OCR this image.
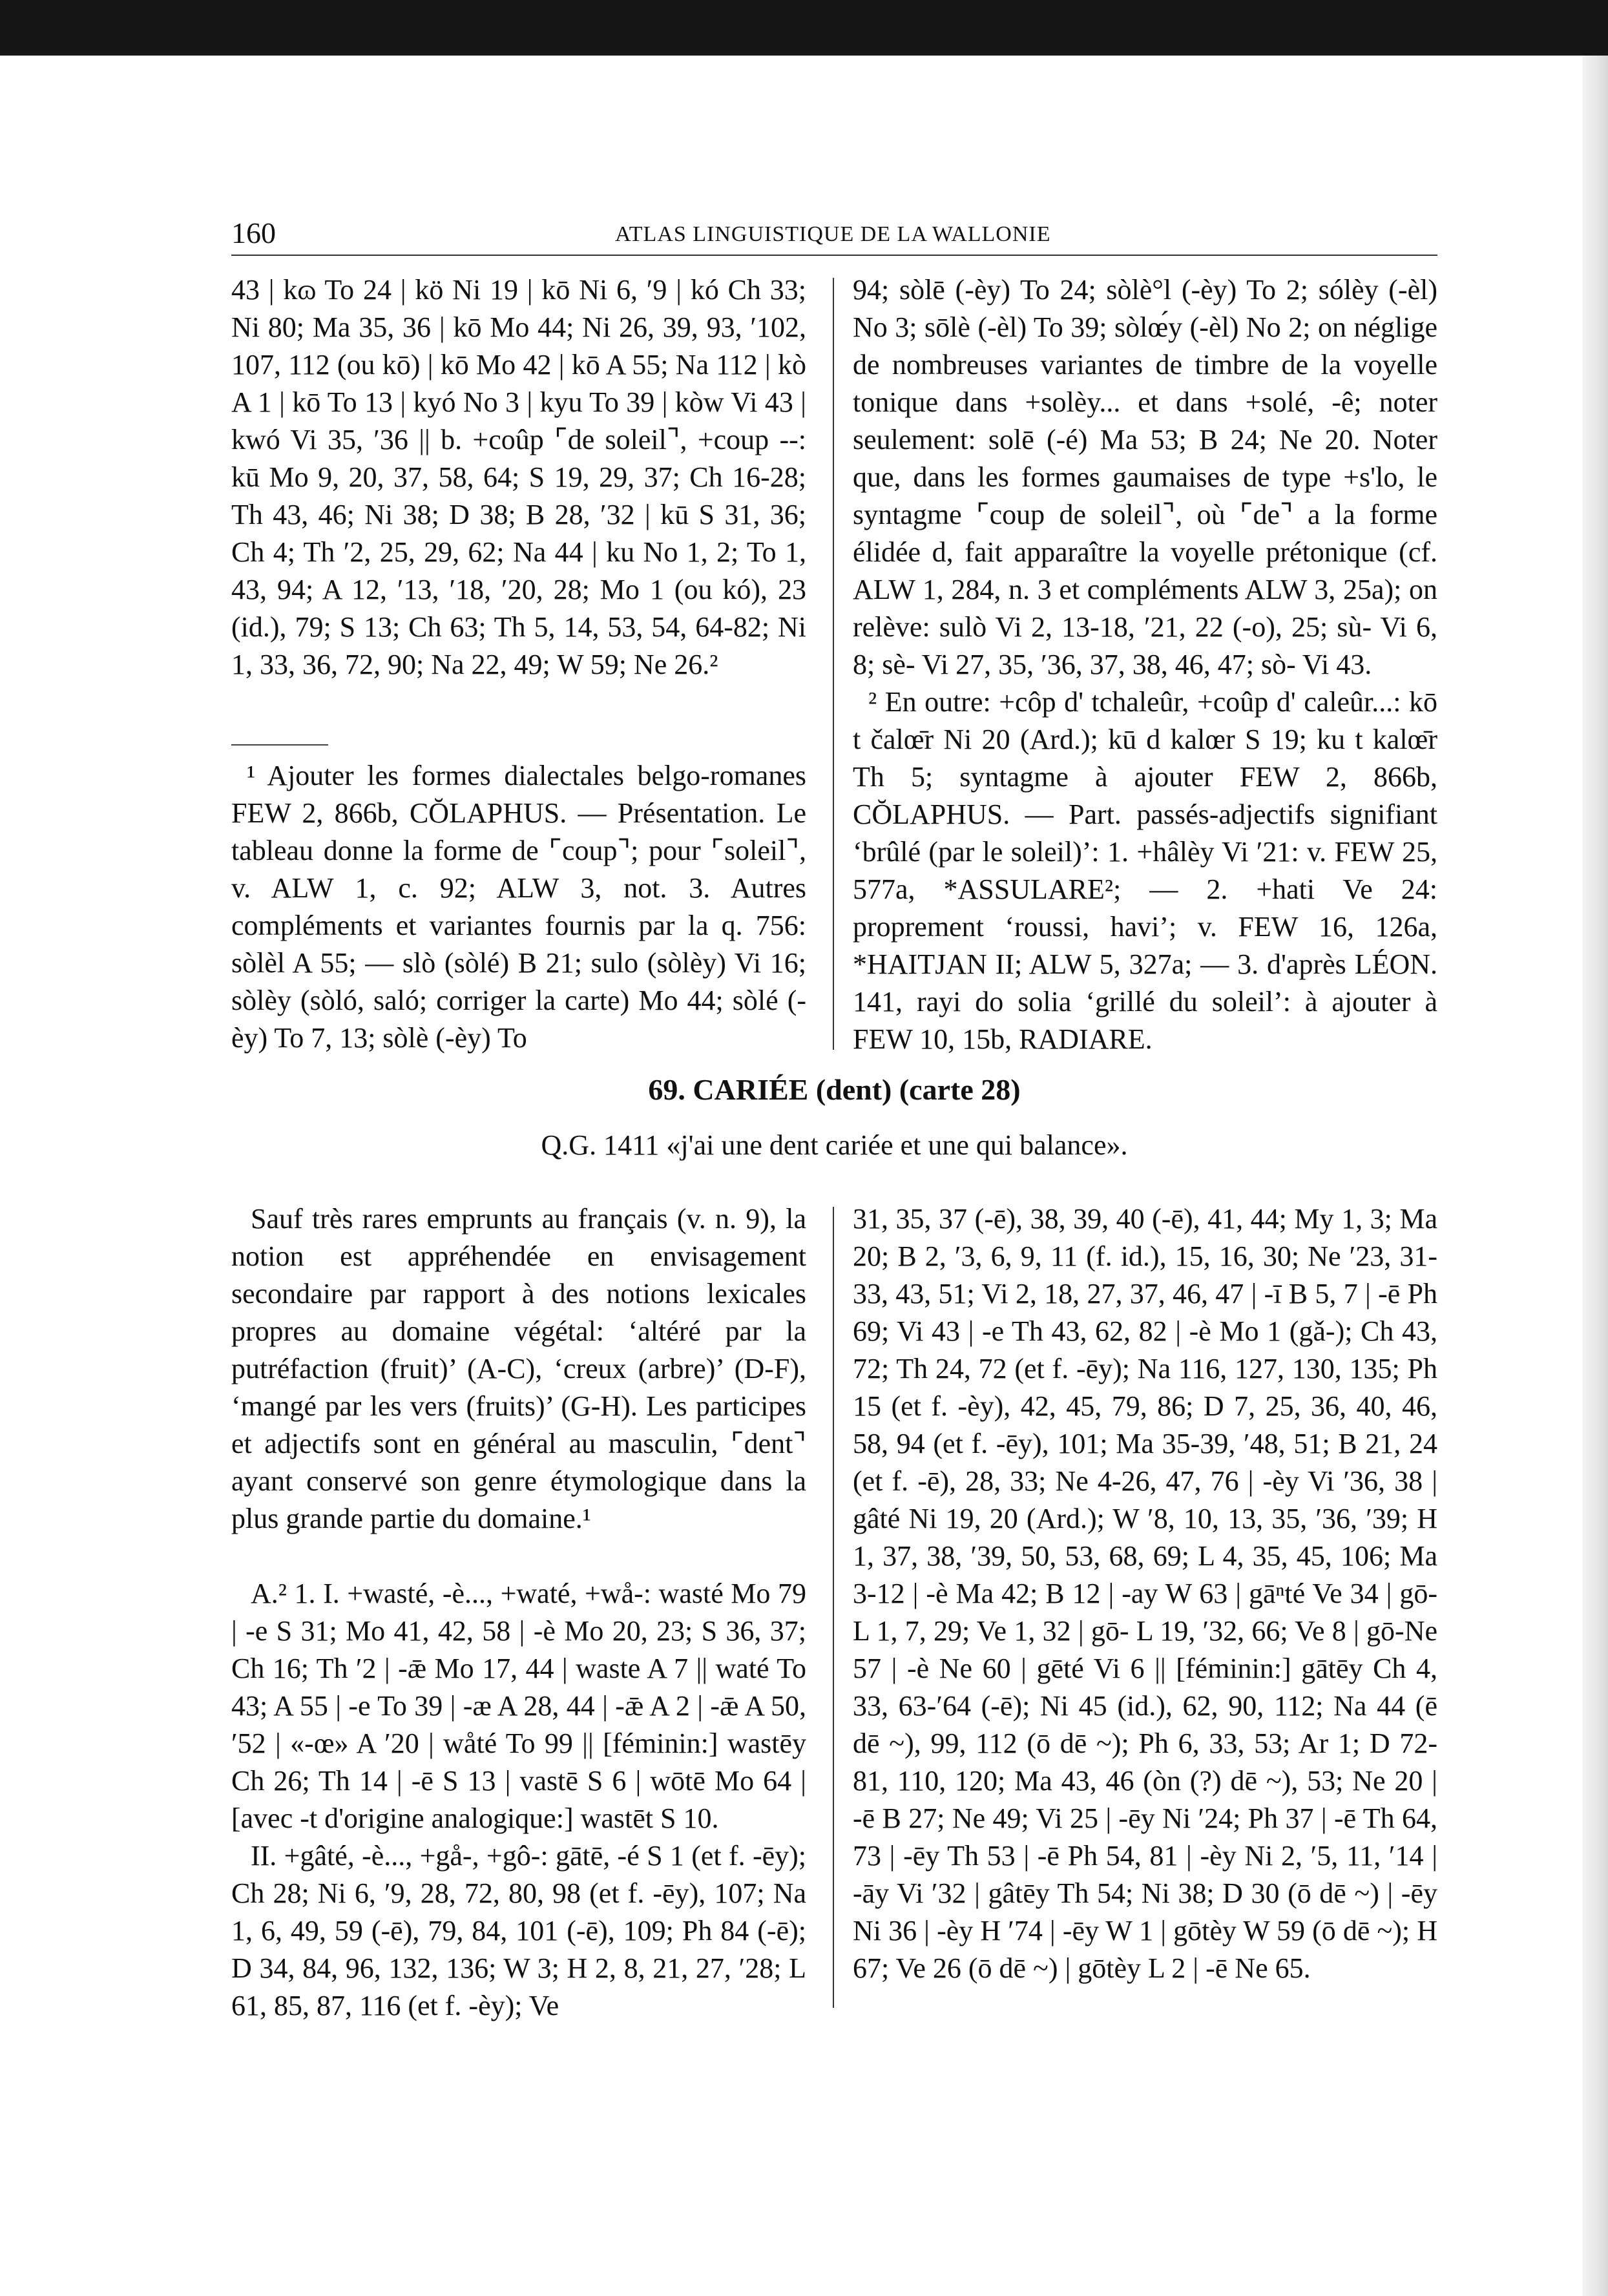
160	ATLAS LINGUISTIQUE DE LA WALLONIE

43 | kɷ To 24 | kö Ni 19 | kō Ni 6, ′9 | kó Ch 33; Ni 80; Ma 35, 36 | kō Mo 44; Ni 26, 39, 93, ′102, 107, 112 (ou kō) | kō Mo 42 | kō A 55; Na 112 | kò A 1 | kō To 13 | kyó No 3 | kyu To 39 | kòw Vi 43 | kwó Vi 35, ′36 || b. +coûp ⌜de soleil⌝, +coup --: kū Mo 9, 20, 37, 58, 64; S 19, 29, 37; Ch 16-28; Th 43, 46; Ni 38; D 38; B 28, ′32 | kū S 31, 36; Ch 4; Th ′2, 25, 29, 62; Na 44 | ku No 1, 2; To 1, 43, 94; A 12, ′13, ′18, ′20, 28; Mo 1 (ou kó), 23 (id.), 79; S 13; Ch 63; Th 5, 14, 53, 54, 64-82; Ni 1, 33, 36, 72, 90; Na 22, 49; W 59; Ne 26.²

¹ Ajouter les formes dialectales belgo-romanes FEW 2, 866b, CŎLAPHUS. — Présentation. Le tableau donne la forme de ⌜coup⌝; pour ⌜soleil⌝, v. ALW 1, c. 92; ALW 3, not. 3. Autres compléments et variantes fournis par la q. 756: sòlèl A 55; — slò (sòlé) B 21; sulo (sòlèy) Vi 16; sòlèy (sòló, saló; corriger la carte) Mo 44; sòlé (-èy) To 7, 13; sòlè (-èy) To

94; sòlē (-èy) To 24; sòlè°l (-èy) To 2; sólèy (-èl) No 3; sōlè (-èl) To 39; sòlœ́y (-èl) No 2; on néglige de nombreuses variantes de timbre de la voyelle tonique dans +solèy... et dans +solé, -ê; noter seulement: solē (-é) Ma 53; B 24; Ne 20. Noter que, dans les formes gaumaises de type +s'lo, le syntagme ⌜coup de soleil⌝, où ⌜de⌝ a la forme élidée d, fait apparaître la voyelle prétonique (cf. ALW 1, 284, n. 3 et compléments ALW 3, 25a); on relève: sulò Vi 2, 13-18, ′21, 22 (-o), 25; sù- Vi 6, 8; sè- Vi 27, 35, ′36, 37, 38, 46, 47; sò- Vi 43.

² En outre: +côp d' tchaleûr, +coûp d' caleûr...: kō t čalœ̄r Ni 20 (Ard.); kū d kalœr S 19; ku t kalœ̄r Th 5; syntagme à ajouter FEW 2, 866b, CŎLAPHUS. — Part. passés-adjectifs signifiant ‘brûlé (par le soleil)’: 1. +hâlèy Vi ′21: v. FEW 25, 577a, *ASSULARE²; — 2. +hati Ve 24: proprement ‘roussi, havi’; v. FEW 16, 126a, *HAITJAN II; ALW 5, 327a; — 3. d'après LÉON. 141, rayi do solia ‘grillé du soleil’: à ajouter à FEW 10, 15b, RADIARE.

69. CARIÉE (dent) (carte 28)
Q.G. 1411 «j'ai une dent cariée et une qui balance».

Sauf très rares emprunts au français (v. n. 9), la notion est appréhendée en envisagement secondaire par rapport à des notions lexicales propres au domaine végétal: ‘altéré par la putréfaction (fruit)’ (A-C), ‘creux (arbre)’ (D-F), ‘mangé par les vers (fruits)’ (G-H). Les participes et adjectifs sont en général au masculin, ⌜dent⌝ ayant conservé son genre étymologique dans la plus grande partie du domaine.¹

A.² 1. I. +wasté, -è..., +waté, +wå-: wasté Mo 79 | -e S 31; Mo 41, 42, 58 | -è Mo 20, 23; S 36, 37; Ch 16; Th ′2 | -ǣ Mo 17, 44 | waste A 7 || waté To 43; A 55 | -e To 39 | -æ A 28, 44 | -ǣ A 2 | -ǣ A 50, ′52 | «-œ» A ′20 | wåté To 99 || [féminin:] wastēy Ch 26; Th 14 | -ē S 13 | vastē S 6 | wōtē Mo 64 | [avec -t d'origine analogique:] wastēt S 10.

II. +gâté, -è..., +gå-, +gô-: gātē, -é S 1 (et f. -ēy); Ch 28; Ni 6, ′9, 28, 72, 80, 98 (et f. -ēy), 107; Na 1, 6, 49, 59 (-ē), 79, 84, 101 (-ē), 109; Ph 84 (-ē); D 34, 84, 96, 132, 136; W 3; H 2, 8, 21, 27, ′28; L 61, 85, 87, 116 (et f. -èy); Ve

31, 35, 37 (-ē), 38, 39, 40 (-ē), 41, 44; My 1, 3; Ma 20; B 2, ′3, 6, 9, 11 (f. id.), 15, 16, 30; Ne ′23, 31-33, 43, 51; Vi 2, 18, 27, 37, 46, 47 | -ī B 5, 7 | -ē Ph 69; Vi 43 | -e Th 43, 62, 82 | -è Mo 1 (gǎ-); Ch 43, 72; Th 24, 72 (et f. -ēy); Na 116, 127, 130, 135; Ph 15 (et f. -èy), 42, 45, 79, 86; D 7, 25, 36, 40, 46, 58, 94 (et f. -ēy), 101; Ma 35-39, ′48, 51; B 21, 24 (et f. -ē), 28, 33; Ne 4-26, 47, 76 | -èy Vi ′36, 38 | gâté Ni 19, 20 (Ard.); W ′8, 10, 13, 35, ′36, ′39; H 1, 37, 38, ′39, 50, 53, 68, 69; L 4, 35, 45, 106; Ma 3-12 | -è Ma 42; B 12 | -ay W 63 | gāⁿté Ve 34 | gō- L 1, 7, 29; Ve 1, 32 | gō- L 19, ′32, 66; Ve 8 | gō-Ne 57 | -è Ne 60 | gēté Vi 6 || [féminin:] gātēy Ch 4, 33, 63-′64 (-ē); Ni 45 (id.), 62, 90, 112; Na 44 (ē dē ~), 99, 112 (ō dē ~); Ph 6, 33, 53; Ar 1; D 72-81, 110, 120; Ma 43, 46 (òn (?) dē ~), 53; Ne 20 | -ē B 27; Ne 49; Vi 25 | -ēy Ni ′24; Ph 37 | -ē Th 64, 73 | -ēy Th 53 | -ē Ph 54, 81 | -èy Ni 2, ′5, 11, ′14 | -āy Vi ′32 | gâtēy Th 54; Ni 38; D 30 (ō dē ~) | -ēy Ni 36 | -èy H ′74 | -ēy W 1 | gōtèy W 59 (ō dē ~); H 67; Ve 26 (ō dē ~) | gōtèy L 2 | -ē Ne 65.
